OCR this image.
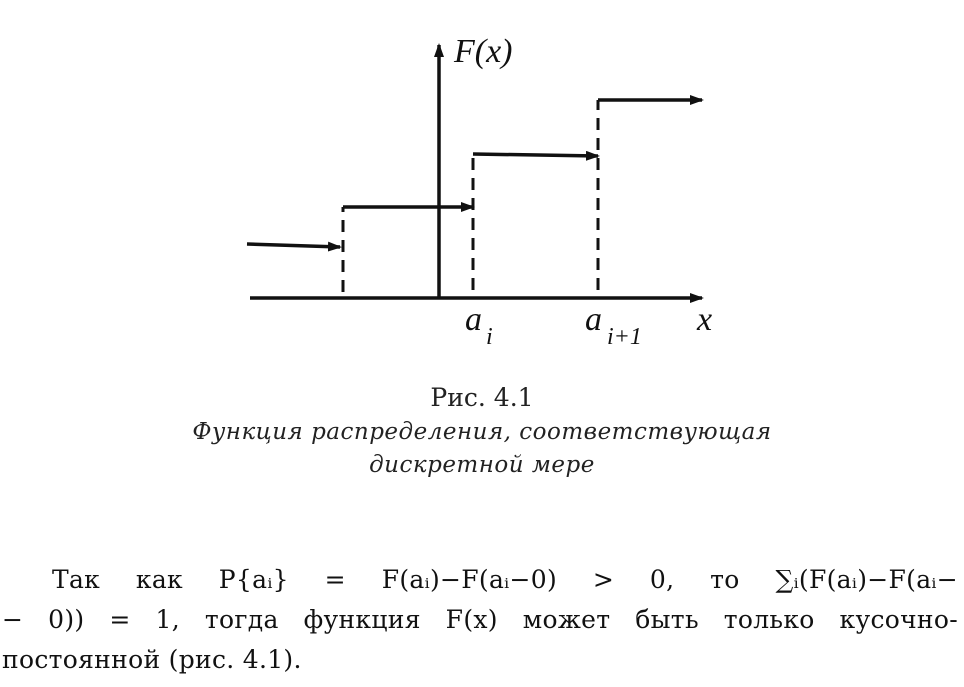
F(x)
x
a i	a i+1
Рис. 4.1
Функция распределения, соответствующая
дискретной мере
Так как P{aᵢ} = F(aᵢ)−F(aᵢ−0) > 0, то ∑ᵢ(F(aᵢ)−F(aᵢ−
− 0)) = 1, тогда функция F(x) может быть только кусочно-
постоянной (рис. 4.1).
